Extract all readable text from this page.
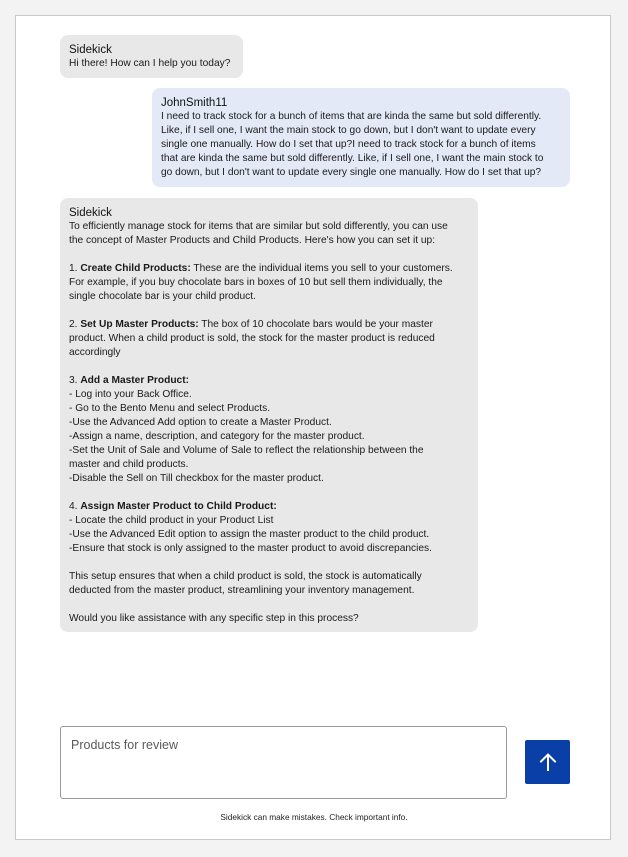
Sidekick
Hi there! How can I help you today?
JohnSmith11
I need to track stock for a bunch of items that are kinda the same but sold differently.
Like, if I sell one, I want the main stock to go down, but I don't want to update every
single one manually. How do I set that up?I need to track stock for a bunch of items
that are kinda the same but sold differently. Like, if I sell one, I want the main stock to
go down, but I don't want to update every single one manually. How do I set that up?
Sidekick
To efficiently manage stock for items that are similar but sold differently, you can use
the concept of Master Products and Child Products. Here's how you can set it up:
1. Create Child Products: These are the individual items you sell to your customers.
For example, if you buy chocolate bars in boxes of 10 but sell them individually, the
single chocolate bar is your child product.
2. Set Up Master Products: The box of 10 chocolate bars would be your master
product. When a child product is sold, the stock for the master product is reduced
accordingly
3. Add a Master Product:
- Log into your Back Office.
- Go to the Bento Menu and select Products.
-Use the Advanced Add option to create a Master Product.
-Assign a name, description, and category for the master product.
-Set the Unit of Sale and Volume of Sale to reflect the relationship between the
master and child products.
-Disable the Sell on Till checkbox for the master product.
4. Assign Master Product to Child Product:
- Locate the child product in your Product List
-Use the Advanced Edit option to assign the master product to the child product.
-Ensure that stock is only assigned to the master product to avoid discrepancies.
This setup ensures that when a child product is sold, the stock is automatically
deducted from the master product, streamlining your inventory management.
Would you like assistance with any specific step in this process?
Products for review
Sidekick can make mistakes. Check important info.
